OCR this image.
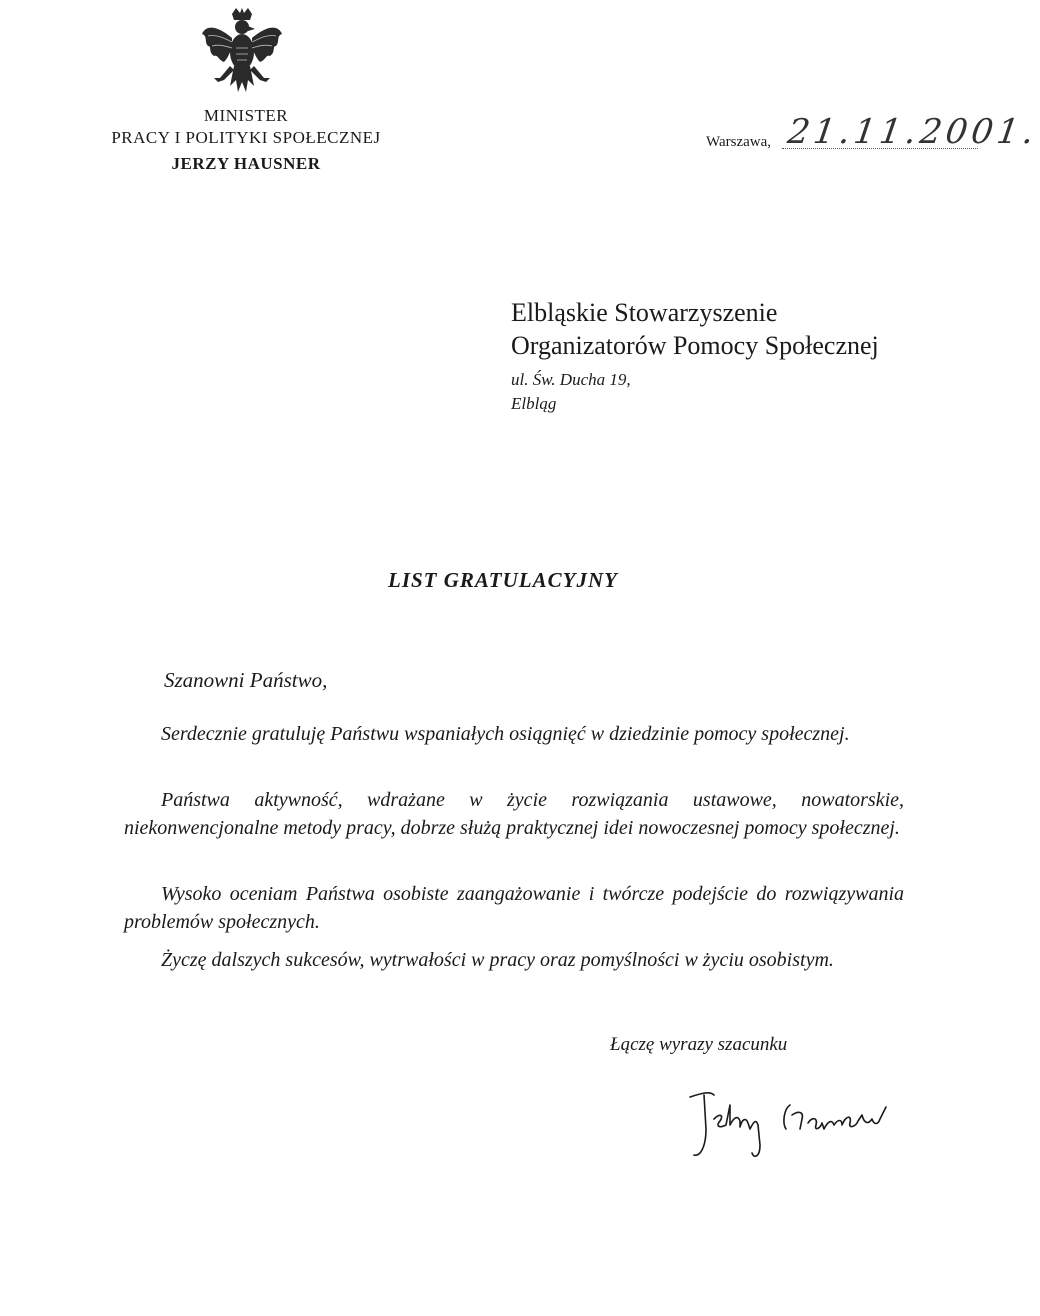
MINISTER
PRACY I POLITYKI SPOŁECZNEJ
JERZY HAUSNER
Warszawa, 21.11.2001.
Elbląskie Stowarzyszenie
Organizatorów Pomocy Społecznej
ul. Św. Ducha 19,
Elbląg
LIST GRATULACYJNY
Szanowni Państwo,
Serdecznie gratuluję Państwu wspaniałych osiągnięć w dziedzinie pomocy społecznej.
Państwa aktywność, wdrażane w życie rozwiązania ustawowe, nowatorskie, niekonwencjonalne metody pracy, dobrze służą praktycznej idei nowoczesnej pomocy społecznej.
Wysoko oceniam Państwa osobiste zaangażowanie i twórcze podejście do rozwiązywania problemów społecznych.
Życzę dalszych sukcesów, wytrwałości w pracy oraz pomyślności w życiu osobistym.
Łączę wyrazy szacunku
